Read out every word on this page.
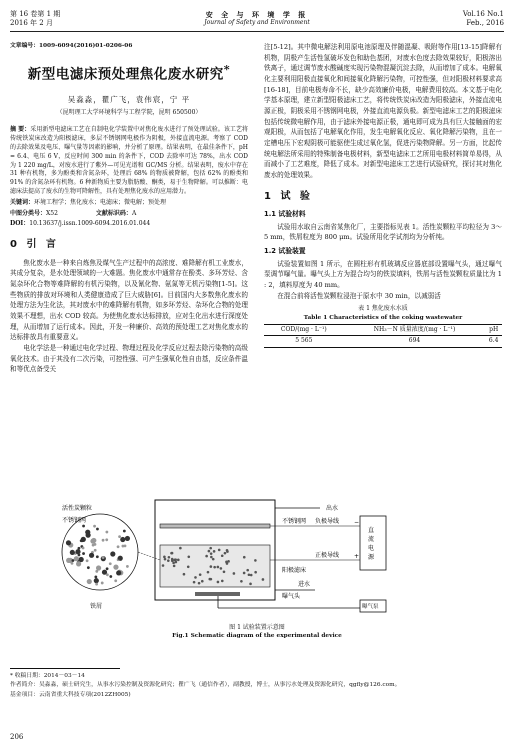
第 16 卷第 1 期
2016 年 2 月
安 全 与 环 境 学 报
Journal of Safety and Environment
Vol.16 No.1
Feb., 2016
文章编号：1009-6094(2016)01-0206-06
新型电滤床预处理焦化废水研究*
吴淼淼，瞿广飞，袁伟宸，宁 平
（昆明理工大学环境科学与工程学院，昆明 650500）
摘 要：采用新型电滤床工艺在自制电化学装置中对焦化废水进行了预处理试验。该工艺将传统铁炭床改造为阳极滤床，多层不锈钢网电极作为阴极，外接直流电源。考察了 COD 的去除效果及电压、曝气量等因素的影响，并分析了原理。结果表明，在最佳条件下，pH = 6.4、电压 6 V，反应时间 300 min 的条件下，COD 去除率可达 78%，出水 COD 为 1 220 mg/L，对废水进行了紫外—可见光谱和 GC/MS 分析。结果表明，废水中存在 31 种有机物，多为酚类和含氮杂环，处理后 68% 的物质被降解，包括 62% 的酚类和 91% 的含氮杂环有机物。6 种新物质主要为脂肪酸、酮类，易于生物降解。可以推断：电滤床法提高了废水的生物可降解性，具有处理焦化废水的应用潜力。
关键词：环境工程学；焦化废水；电滤床；微电解；预处理
中图分类号：X52	文献标识码：A
DOI：10.13637/j.issn.1009-6094.2016.01.044
0 引 言

焦化废水是一种来自炼焦及煤气生产过程中的高浓度、难降解有机工业废水，其成分复杂，是水处理领域的一大难题。焦化废水中通常存在酚类、多环芳烃、含氮杂环化合物等难降解的有机污染物，以及氰化物、氨氮等无机污染物[1-5]。这些物质的排放对环境和人类健康造成了巨大威胁[6]。目前国内大多数焦化废水的处理方法为生化法，其对废水中的难降解有机物，如多环芳烃、杂环化合物的处理效果不理想，出水 COD 较高。为使焦化废水达标排放，应对生化出水进行深度处理，从而增加了运行成本。因此，开发一种廉价、高效的预处理工艺对焦化废水的达标排放具有重要意义。

电化学法是一种通过电化学过程、物理过程及化学反应过程去除污染物的高级氧化技术。由于其没有二次污染，可控性强、可产生强氧化性自由基，反应条件温和等优点备受关

注[5-12]。其中微电解法利用原电池原理及伴随混凝、吸附等作用[13-15]降解有机物，阴极产生活性氢破坏发色和助色基团，对废水色度去除效果较好，阳极溶出铁离子，通过调节废水酸碱度实现污染物混凝沉淀去除，从而增加了成本。电解氧化主要利用阳极直接氧化和间接氧化降解污染物，可控性强，但对阳极材料要求高[16-18]，目前电极寿命不长，缺少高效廉价电极，电解费用较高。本文基于电化学基本原理，建立新型阳极滤床工艺，将传统铁炭床改造为阳极滤床，外接直流电源正极，阴极采用不锈钢网电极，外接直流电源负极。新型电滤床工艺的阳极滤床包括传统微电解作用，由于滤床外接电源正极，通电即可成为具有巨大接触面的宏观阳极，从而包括了电解氧化作用，发生电解氧化反应、氧化降解污染物，且在一定槽电压下宏观阴极可能驱使生成过氧化氢，促进污染物降解。另一方面，比起传统电解法所采用的特殊制备电极材料，新型电滤床工艺所用电极材料简单易得，从而减小了工艺难度，降低了成本。对新型电滤床工艺进行试验研究，探讨其对焦化废水的处理效果。

1 试 验
1.1 试验材料

试验用水取自云南省某焦化厂，主要指标见表 1。活性炭颗粒平均粒径为 3～5 mm，铁屑粒度为 800 μm。试验所用化学试剂均为分析纯。

1.2 试验装置

试验装置如图 1 所示，在圆柱形有机玻璃反应器底部设置曝气头，通过曝气泵调节曝气量。曝气头上方为混合均匀的铁炭填料，铁屑与活性炭颗粒质量比为 1 : 2，填料厚度为 40 mm。

在混合前将活性炭颗粒浸泡于原水中 30 min，以减弱活

表 1 焦化废水水质
Table 1 Characteristics of the coking wastewater
COD/(mg · L⁻¹)	NH₃－N 质量浓度/(mg · L⁻¹)	pH
5 565	694	6.4
出水
不锈钢网 负极导线
正极导线
阳极滤床
直
流
电
源
−
+
进水
曝气泵
曝气头
活性炭颗粒
不锈钢网
铁屑
图 1 试验装置示意图
Fig.1 Schematic diagram of the experimental device
* 收稿日期：2014－03－14
作者简介：吴淼淼，硕士研究生，从事水污染控制及资源化研究；瞿广飞（通信作者），副教授，博士，从事污水处理及资源化研究，qgfly@126.com。
基金项目：云南省重大科技专项(2012ZH005)
206
